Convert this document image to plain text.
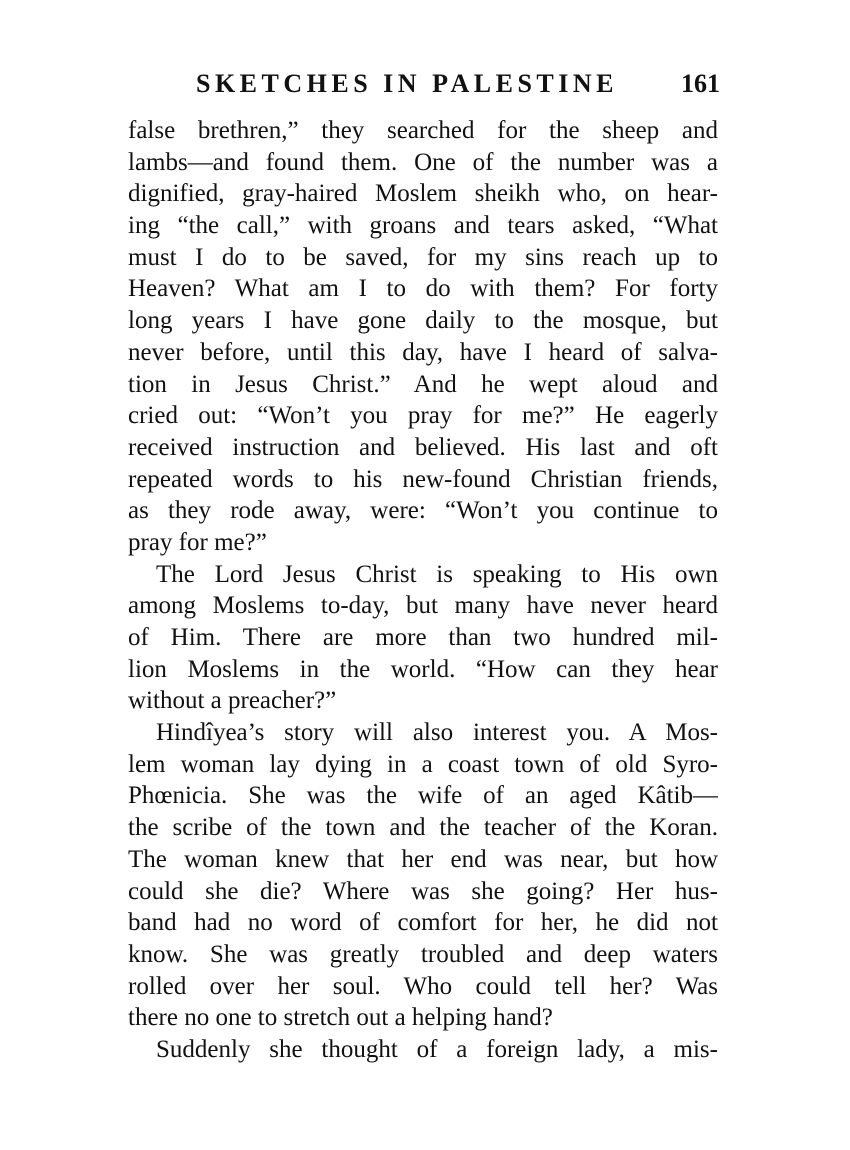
SKETCHES IN PALESTINE 161
false brethren,” they searched for the sheep and
lambs—and found them. One of the number was a
dignified, gray-haired Moslem sheikh who, on hear-
ing “the call,” with groans and tears asked, “What
must I do to be saved, for my sins reach up to
Heaven? What am I to do with them? For forty
long years I have gone daily to the mosque, but
never before, until this day, have I heard of salva-
tion in Jesus Christ.” And he wept aloud and
cried out: “Won’t you pray for me?” He eagerly
received instruction and believed. His last and oft
repeated words to his new-found Christian friends,
as they rode away, were: “Won’t you continue to
pray for me?”
The Lord Jesus Christ is speaking to His own
among Moslems to-day, but many have never heard
of Him. There are more than two hundred mil-
lion Moslems in the world. “How can they hear
without a preacher?”
Hindîyea’s story will also interest you. A Mos-
lem woman lay dying in a coast town of old Syro-
Phœnicia. She was the wife of an aged Kâtib—
the scribe of the town and the teacher of the Koran.
The woman knew that her end was near, but how
could she die? Where was she going? Her hus-
band had no word of comfort for her, he did not
know. She was greatly troubled and deep waters
rolled over her soul. Who could tell her? Was
there no one to stretch out a helping hand?
Suddenly she thought of a foreign lady, a mis-
